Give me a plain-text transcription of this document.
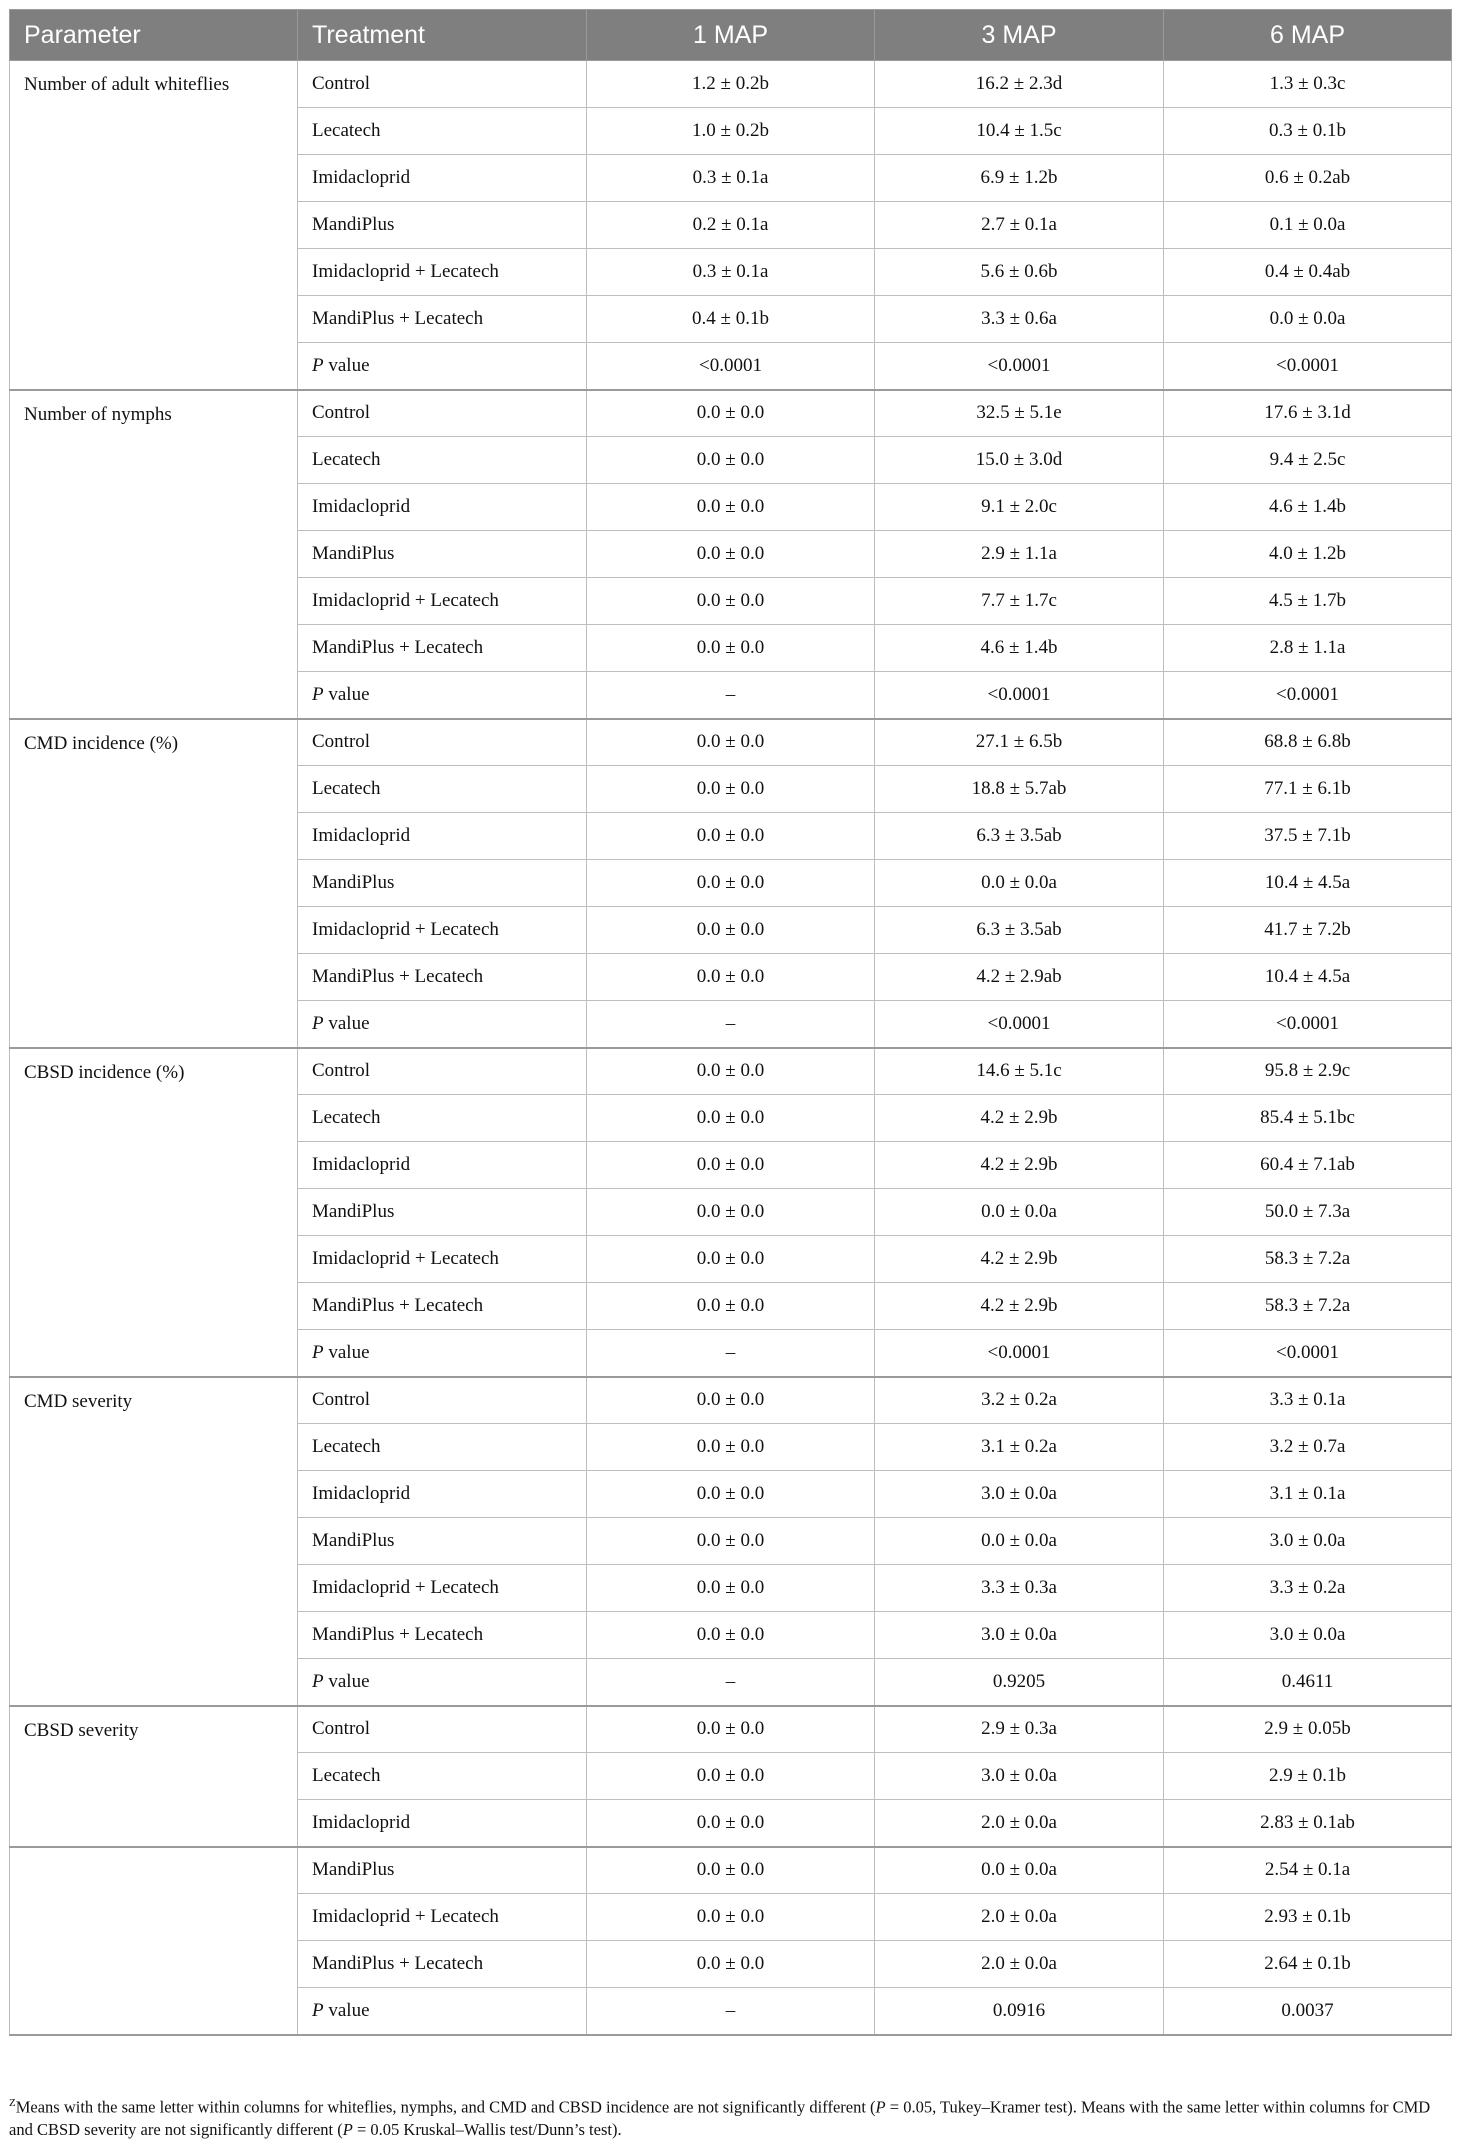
Parameter	Treatment	1 MAP	3 MAP	6 MAP
Number of adult whiteflies	Control	1.2 ± 0.2b	16.2 ± 2.3d	1.3 ± 0.3c
	Lecatech	1.0 ± 0.2b	10.4 ± 1.5c	0.3 ± 0.1b
	Imidacloprid	0.3 ± 0.1a	6.9 ± 1.2b	0.6 ± 0.2ab
	MandiPlus	0.2 ± 0.1a	2.7 ± 0.1a	0.1 ± 0.0a
	Imidacloprid + Lecatech	0.3 ± 0.1a	5.6 ± 0.6b	0.4 ± 0.4ab
	MandiPlus + Lecatech	0.4 ± 0.1b	3.3 ± 0.6a	0.0 ± 0.0a
	P value	<0.0001	<0.0001	<0.0001
Number of nymphs	Control	0.0 ± 0.0	32.5 ± 5.1e	17.6 ± 3.1d
	Lecatech	0.0 ± 0.0	15.0 ± 3.0d	9.4 ± 2.5c
	Imidacloprid	0.0 ± 0.0	9.1 ± 2.0c	4.6 ± 1.4b
	MandiPlus	0.0 ± 0.0	2.9 ± 1.1a	4.0 ± 1.2b
	Imidacloprid + Lecatech	0.0 ± 0.0	7.7 ± 1.7c	4.5 ± 1.7b
	MandiPlus + Lecatech	0.0 ± 0.0	4.6 ± 1.4b	2.8 ± 1.1a
	P value	–	<0.0001	<0.0001
CMD incidence (%)	Control	0.0 ± 0.0	27.1 ± 6.5b	68.8 ± 6.8b
	Lecatech	0.0 ± 0.0	18.8 ± 5.7ab	77.1 ± 6.1b
	Imidacloprid	0.0 ± 0.0	6.3 ± 3.5ab	37.5 ± 7.1b
	MandiPlus	0.0 ± 0.0	0.0 ± 0.0a	10.4 ± 4.5a
	Imidacloprid + Lecatech	0.0 ± 0.0	6.3 ± 3.5ab	41.7 ± 7.2b
	MandiPlus + Lecatech	0.0 ± 0.0	4.2 ± 2.9ab	10.4 ± 4.5a
	P value	–	<0.0001	<0.0001
CBSD incidence (%)	Control	0.0 ± 0.0	14.6 ± 5.1c	95.8 ± 2.9c
	Lecatech	0.0 ± 0.0	4.2 ± 2.9b	85.4 ± 5.1bc
	Imidacloprid	0.0 ± 0.0	4.2 ± 2.9b	60.4 ± 7.1ab
	MandiPlus	0.0 ± 0.0	0.0 ± 0.0a	50.0 ± 7.3a
	Imidacloprid + Lecatech	0.0 ± 0.0	4.2 ± 2.9b	58.3 ± 7.2a
	MandiPlus + Lecatech	0.0 ± 0.0	4.2 ± 2.9b	58.3 ± 7.2a
	P value	–	<0.0001	<0.0001
CMD severity	Control	0.0 ± 0.0	3.2 ± 0.2a	3.3 ± 0.1a
	Lecatech	0.0 ± 0.0	3.1 ± 0.2a	3.2 ± 0.7a
	Imidacloprid	0.0 ± 0.0	3.0 ± 0.0a	3.1 ± 0.1a
	MandiPlus	0.0 ± 0.0	0.0 ± 0.0a	3.0 ± 0.0a
	Imidacloprid + Lecatech	0.0 ± 0.0	3.3 ± 0.3a	3.3 ± 0.2a
	MandiPlus + Lecatech	0.0 ± 0.0	3.0 ± 0.0a	3.0 ± 0.0a
	P value	–	0.9205	0.4611
CBSD severity	Control	0.0 ± 0.0	2.9 ± 0.3a	2.9 ± 0.05b
	Lecatech	0.0 ± 0.0	3.0 ± 0.0a	2.9 ± 0.1b
	Imidacloprid	0.0 ± 0.0	2.0 ± 0.0a	2.83 ± 0.1ab
	MandiPlus	0.0 ± 0.0	0.0 ± 0.0a	2.54 ± 0.1a
	Imidacloprid + Lecatech	0.0 ± 0.0	2.0 ± 0.0a	2.93 ± 0.1b
	MandiPlus + Lecatech	0.0 ± 0.0	2.0 ± 0.0a	2.64 ± 0.1b
	P value	–	0.0916	0.0037
$^Z$Means with the same letter within columns for whiteflies, nymphs, and CMD and CBSD incidence are not significantly different (P = 0.05, Tukey–Kramer test). Means with the same letter within columns for CMD and CBSD severity are not significantly different (P = 0.05 Kruskal–Wallis test/Dunn’s test).
